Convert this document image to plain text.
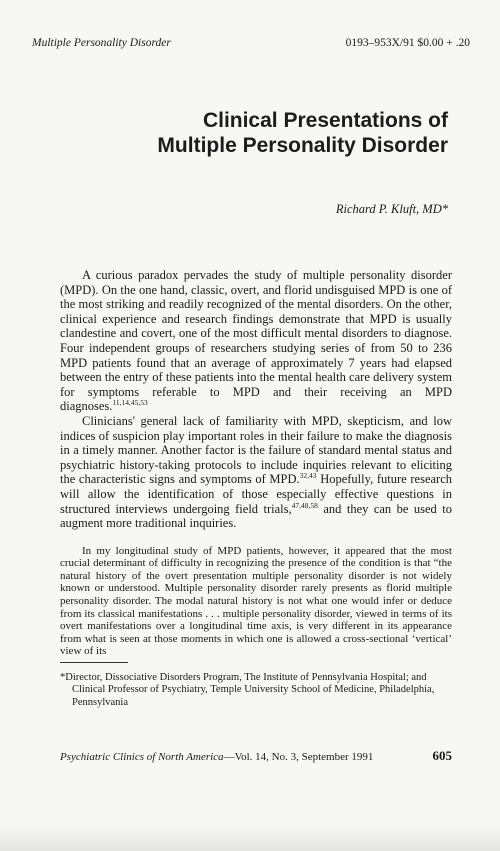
Multiple Personality Disorder	0193–953X/91 $0.00 + .20
Clinical Presentations of
Multiple Personality Disorder
Richard P. Kluft, MD*

A curious paradox pervades the study of multiple personality disorder (MPD). On the one hand, classic, overt, and florid undisguised MPD is one of the most striking and readily recognized of the mental disorders. On the other, clinical experience and research findings demonstrate that MPD is usually clandestine and covert, one of the most difficult mental disorders to diagnose. Four independent groups of researchers studying series of from 50 to 236 MPD patients found that an average of approximately 7 years had elapsed between the entry of these patients into the mental health care delivery system for symptoms referable to MPD and their receiving an MPD diagnoses.$^{11,14,45,53}$

Clinicians' general lack of familiarity with MPD, skepticism, and low indices of suspicion play important roles in their failure to make the diagnosis in a timely manner. Another factor is the failure of standard mental status and psychiatric history-taking protocols to include inquiries relevant to eliciting the characteristic signs and symptoms of MPD.$^{32,43}$ Hopefully, future research will allow the identification of those especially effective questions in structured interviews undergoing field trials,$^{47,48,58}$ and they can be used to augment more traditional inquiries.

In my longitudinal study of MPD patients, however, it appeared that the most crucial determinant of difficulty in recognizing the presence of the condition is that “the natural history of the overt presentation multiple personality disorder is not widely known or understood. Multiple personality disorder rarely presents as florid multiple personality disorder. The modal natural history is not what one would infer or deduce from its classical manifestations . . . multiple personality disorder, viewed in terms of its overt manifestations over a longitudinal time axis, is very different in its appearance from what is seen at those moments in which one is allowed a cross-sectional ‘vertical’ view of its

*Director, Dissociative Disorders Program, The Institute of Pennsylvania Hospital; and Clinical Professor of Psychiatry, Temple University School of Medicine, Philadelphia, Pennsylvania
Psychiatric Clinics of North America—Vol. 14, No. 3, September 1991	605
